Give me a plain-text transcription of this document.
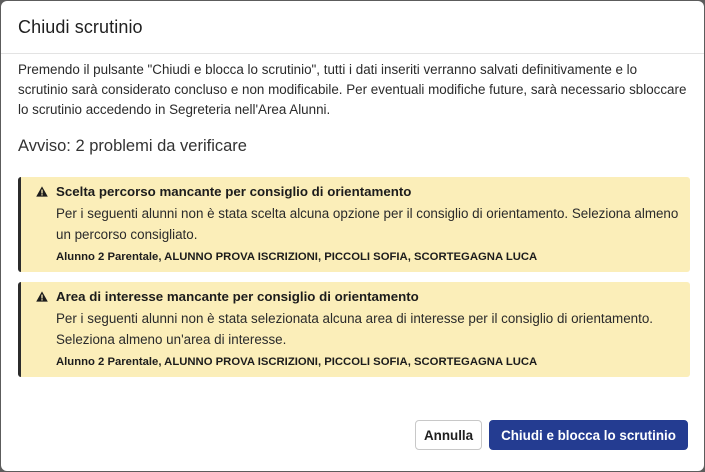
Chiudi scrutinio

Premendo il pulsante "Chiudi e blocca lo scrutinio", tutti i dati inseriti verranno salvati definitivamente e lo scrutinio sarà considerato concluso e non modificabile. Per eventuali modifiche future, sarà necessario sbloccare lo scrutinio accedendo in Segreteria nell'Area Alunni.

Avviso: 2 problemi da verificare
Scelta percorso mancante per consiglio di orientamento
Per i seguenti alunni non è stata scelta alcuna opzione per il consiglio di orientamento. Seleziona almeno un percorso consigliato.
Alunno 2 Parentale, ALUNNO PROVA ISCRIZIONI, PICCOLI SOFIA, SCORTEGAGNA LUCA
Area di interesse mancante per consiglio di orientamento
Per i seguenti alunni non è stata selezionata alcuna area di interesse per il consiglio di orientamento. Seleziona almeno un'area di interesse.
Alunno 2 Parentale, ALUNNO PROVA ISCRIZIONI, PICCOLI SOFIA, SCORTEGAGNA LUCA
Annulla	Chiudi e blocca lo scrutinio
